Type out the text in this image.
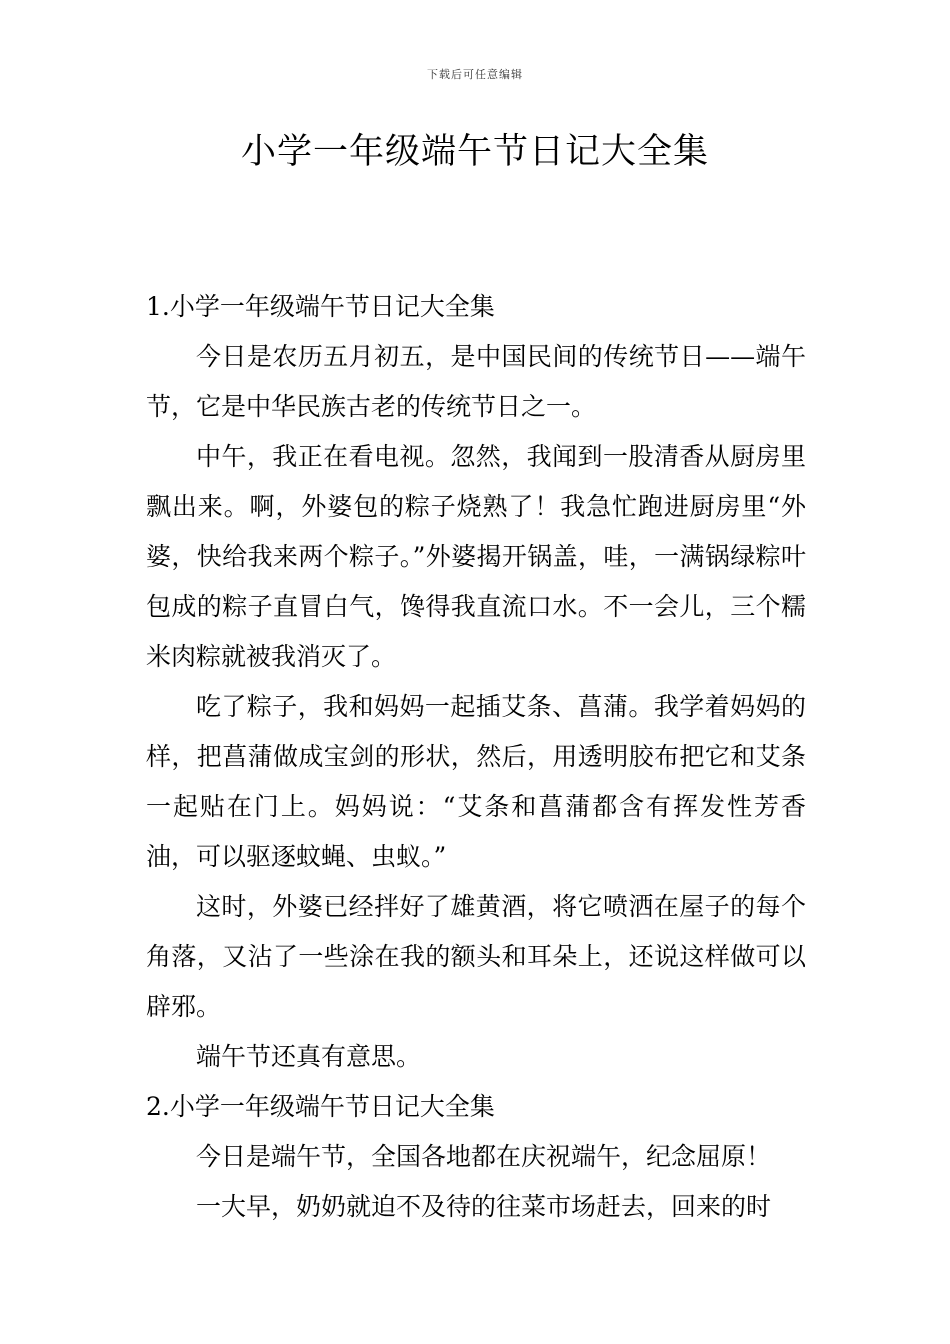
下载后可任意编辑
小学一年级端午节日记大全集

1.小学一年级端午节日记大全集

今日是农历五月初五，是中国民间的传统节日——端午节，它是中华民族古老的传统节日之一。

中午，我正在看电视。忽然，我闻到一股清香从厨房里飘出来。啊，外婆包的粽子烧熟了！我急忙跑进厨房里“外婆，快给我来两个粽子。”外婆揭开锅盖，哇，一满锅绿粽叶包成的粽子直冒白气，馋得我直流口水。不一会儿，三个糯米肉粽就被我消灭了。

吃了粽子，我和妈妈一起插艾条、菖蒲。我学着妈妈的样，把菖蒲做成宝剑的形状，然后，用透明胶布把它和艾条一起贴在门上。妈妈说：“艾条和菖蒲都含有挥发性芳香油，可以驱逐蚊蝇、虫蚁。”

这时，外婆已经拌好了雄黄酒，将它喷洒在屋子的每个角落，又沾了一些涂在我的额头和耳朵上，还说这样做可以辟邪。

端午节还真有意思。

2.小学一年级端午节日记大全集

今日是端午节，全国各地都在庆祝端午，纪念屈原！

一大早，奶奶就迫不及待的往菜市场赶去，回来的时
